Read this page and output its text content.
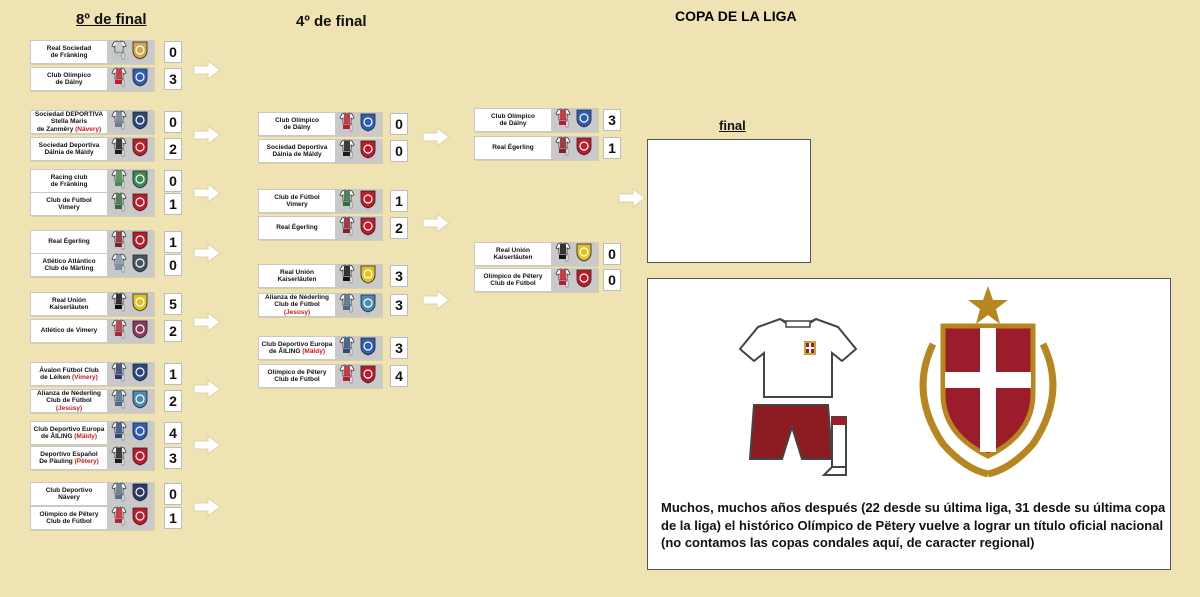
8º de final	4º de final	COPA DE LA LIGA
final
Real Sociedad
de Fränking	0
Club Olímpico
de Dálny	3
Sociedad DEPORTIVA
Stella Maris
de Zanmëry (Nävery)	0
Sociedad Deportiva
Dálnia de Máldy	2
Racing club
de Fränking	0
Club de Fútbol
Vimery	1
Real Égerling	1
Atlético Atlántico
Club de Märting	0
Real Unión
Kaiserläuten	5
Atlético de Vimery	2
Ávalon Fútbol Club
de Léiken (Vimery)	1
Alianza de Néderling
Club de Fútbol
(Jesúsy)	2
Club Deportivo Europa
de ÅILING (Mäldy)	4
Deportivo Español
De Päuling (Pëtery)	3
Club Deportivo
Nävery	0
Olímpico de Pëtery
Club de Fútbol	1
Club Olímpico
de Dálny	0
Sociedad Deportiva
Dálnia de Máldy	0
Club de Fútbol
Vimery	1
Real Égerling	2
Real Unión
Kaiserläuten	3
Alianza de Néderling
Club de Fútbol
(Jesúsy)	3
Club Deportivo Europa
de ÅILING (Mäldy)	3
Olímpico de Pëtery
Club de Fútbol	4
Club Olímpico
de Dálny	3
Real Égerling	1
Real Unión
Kaiserläuten	0
Olímpico de Pëtery
Club de Fútbol	0
Muchos, muchos años después (22 desde su última liga, 31 desde su última copa de la liga) el histórico Olímpico de Pëtery vuelve a lograr un título oficial nacional (no contamos las copas condales aquí, de caracter regional)
